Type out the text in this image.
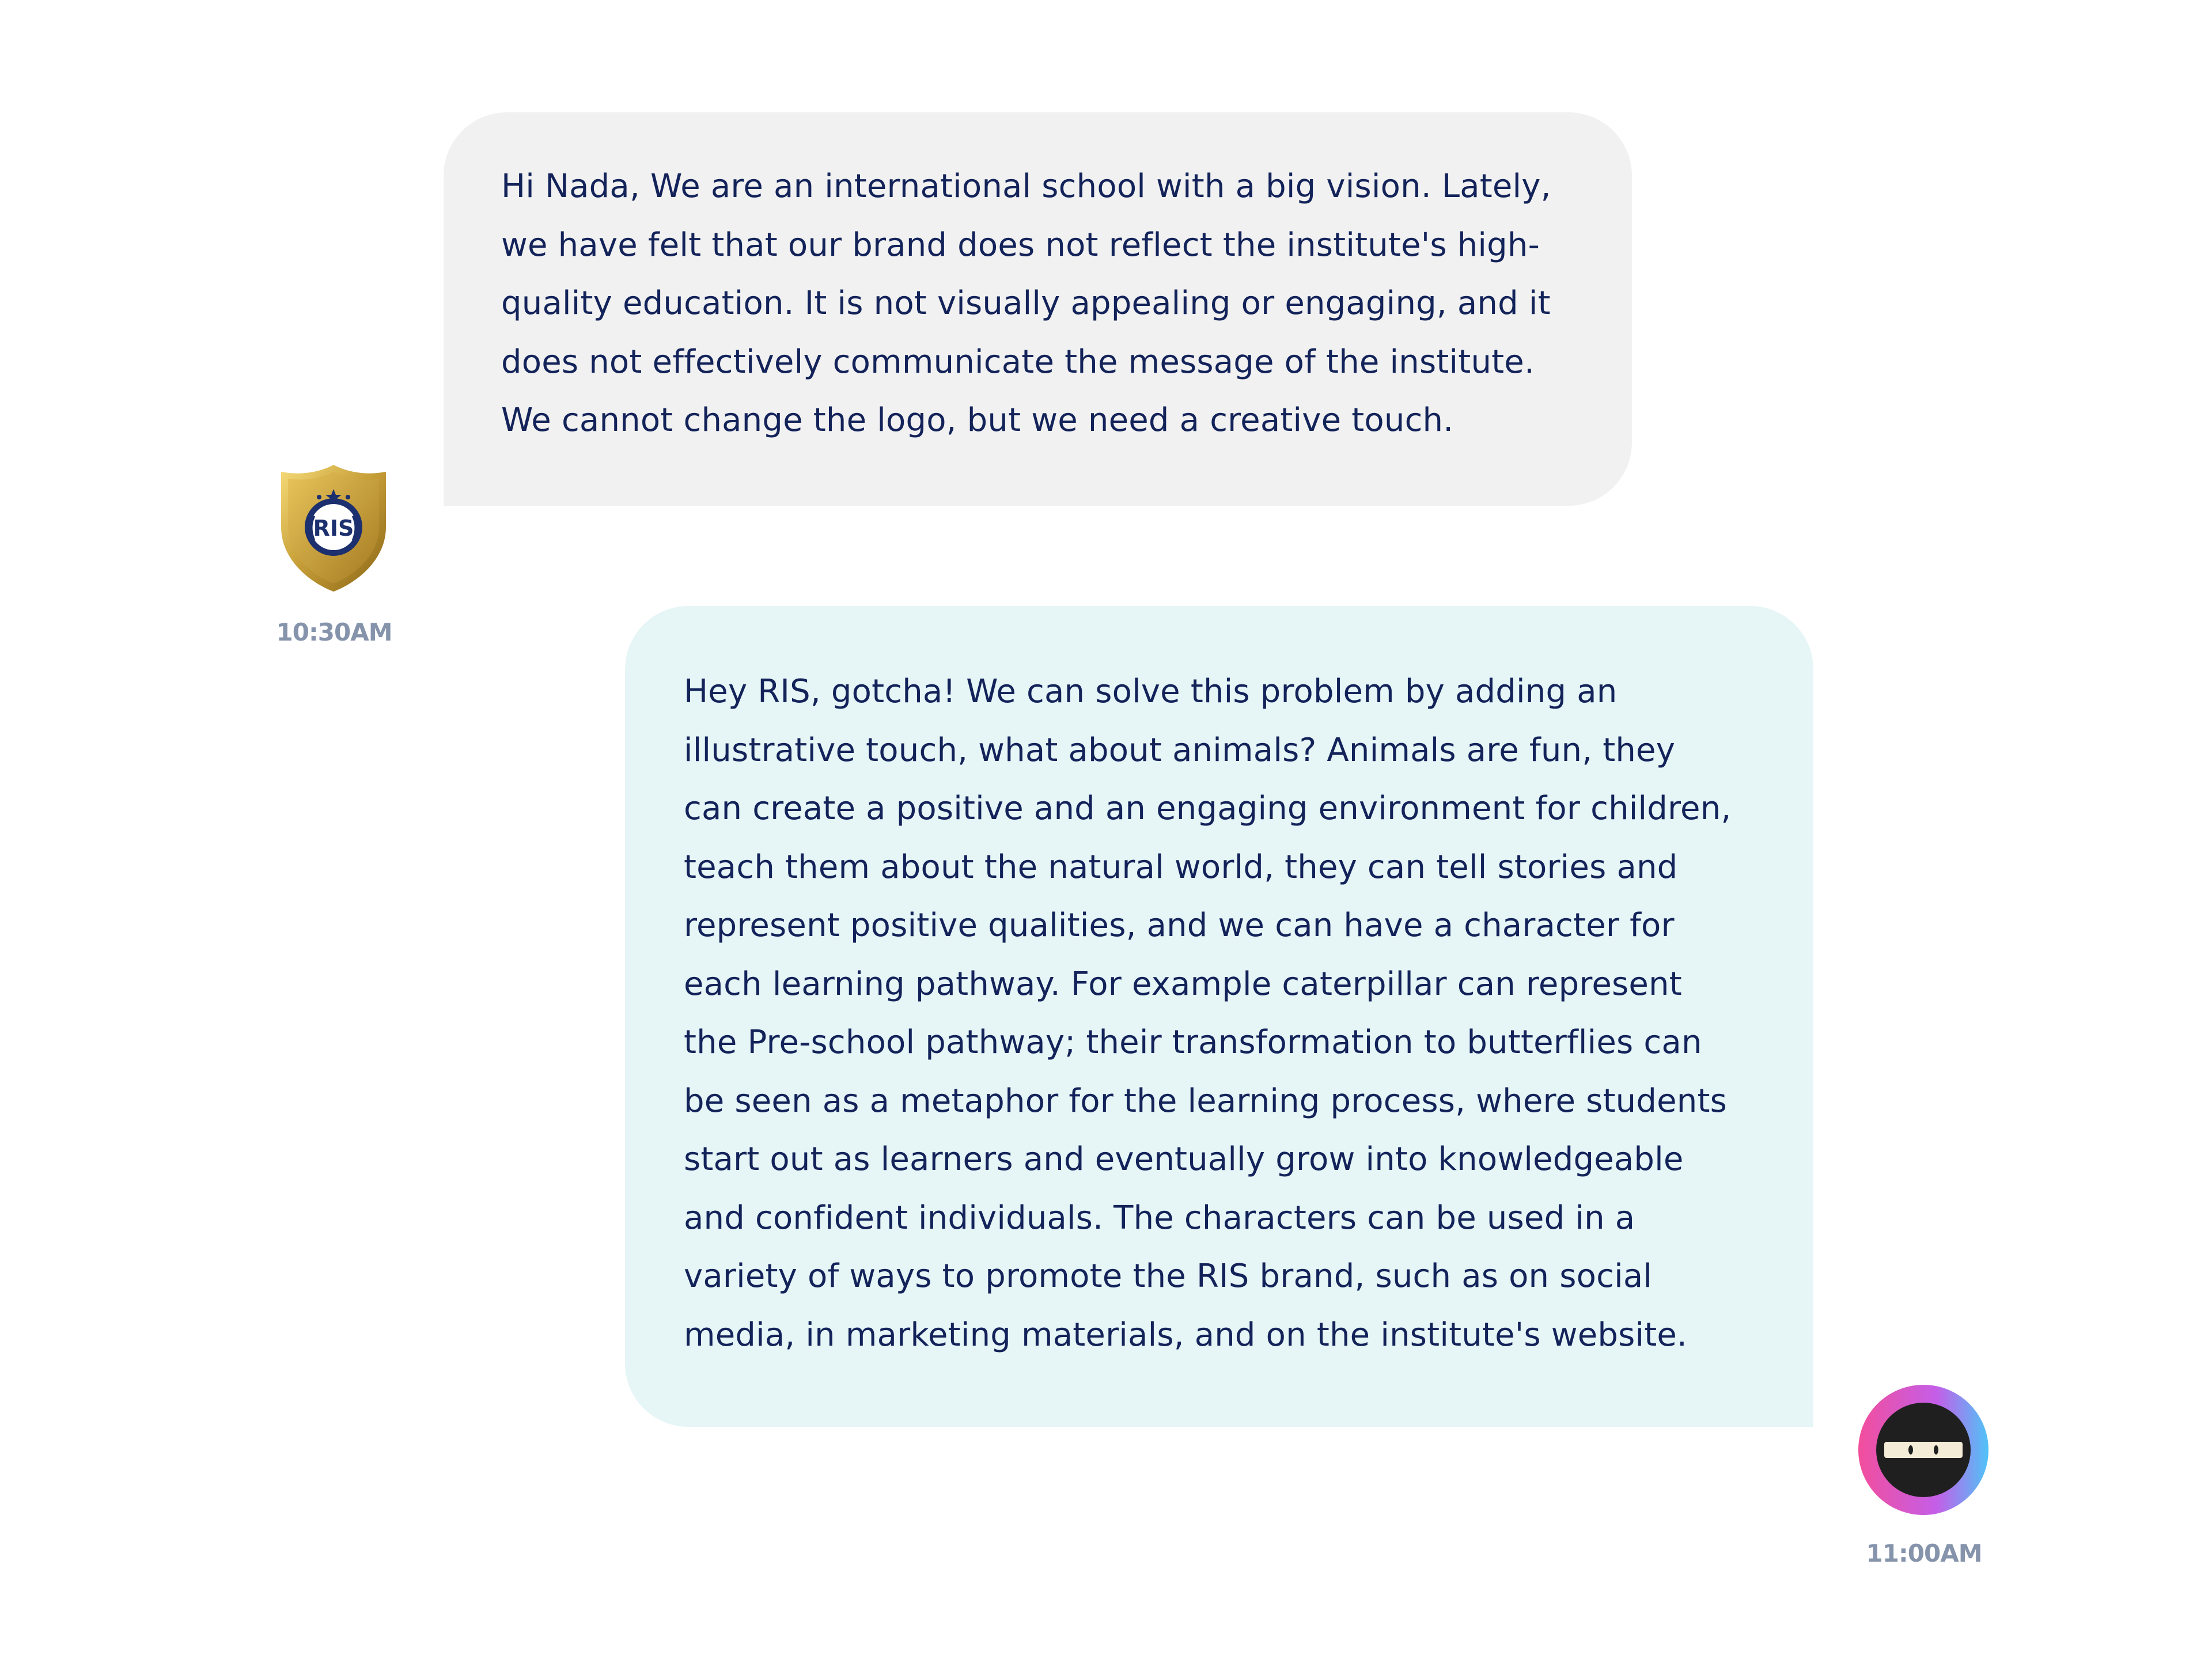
Hi Nada, We are an international school with a big vision. Lately,
we have felt that our brand does not reflect the institute's high-
quality education. It is not visually appealing or engaging, and it
does not effectively communicate the message of the institute.
We cannot change the logo, but we need a creative touch.
RIS
10:30AM
Hey RIS, gotcha! We can solve this problem by adding an
illustrative touch, what about animals? Animals are fun, they
can create a positive and an engaging environment for children,
teach them about the natural world, they can tell stories and
represent positive qualities, and we can have a character for
each learning pathway. For example caterpillar can represent
the Pre-school pathway; their transformation to butterflies can
be seen as a metaphor for the learning process, where students
start out as learners and eventually grow into knowledgeable
and confident individuals. The characters can be used in a
variety of ways to promote the RIS brand, such as on social
media, in marketing materials, and on the institute's website.
11:00AM
